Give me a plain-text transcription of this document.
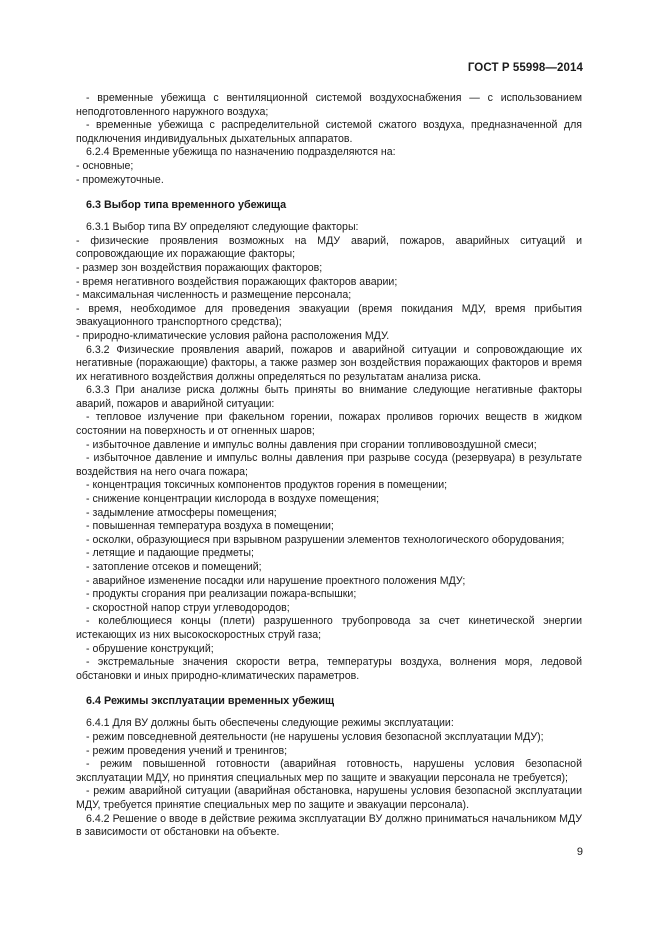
ГОСТ Р 55998—2014

- временные убежища с вентиляционной системой воздухоснабжения — с использованием неподготовленного наружного воздуха;

- временные убежища с распределительной системой сжатого воздуха, предназначенной для подключения индивидуальных дыхательных аппаратов.

6.2.4 Временные убежища по назначению подразделяются на:

- основные;

- промежуточные.

6.3 Выбор типа временного убежища

6.3.1 Выбор типа ВУ определяют следующие факторы:

- физические проявления возможных на МДУ аварий, пожаров, аварийных ситуаций и сопровождающие их поражающие факторы;

- размер зон воздействия поражающих факторов;

- время негативного воздействия поражающих факторов аварии;

- максимальная численность и размещение персонала;

- время, необходимое для проведения эвакуации (время покидания МДУ, время прибытия эвакуационного транспортного средства);

- природно-климатические условия района расположения МДУ.

6.3.2 Физические проявления аварий, пожаров и аварийной ситуации и сопровождающие их негативные (поражающие) факторы, а также размер зон воздействия поражающих факторов и время их негативного воздействия должны определяться по результатам анализа риска.

6.3.3 При анализе риска должны быть приняты во внимание следующие негативные факторы аварий, пожаров и аварийной ситуации:

- тепловое излучение при факельном горении, пожарах проливов горючих веществ в жидком состоянии на поверхность и от огненных шаров;

- избыточное давление и импульс волны давления при сгорании топливовоздушной смеси;

- избыточное давление и импульс волны давления при разрыве сосуда (резервуара) в результате воздействия на него очага пожара;

- концентрация токсичных компонентов продуктов горения в помещении;

- снижение концентрации кислорода в воздухе помещения;

- задымление атмосферы помещения;

- повышенная температура воздуха в помещении;

- осколки, образующиеся при взрывном разрушении элементов технологического оборудования;

- летящие и падающие предметы;

- затопление отсеков и помещений;

- аварийное изменение посадки или нарушение проектного положения МДУ;

- продукты сгорания при реализации пожара-вспышки;

- скоростной напор струи углеводородов;

- колеблющиеся концы (плети) разрушенного трубопровода за счет кинетической энергии истекающих из них высокоскоростных струй газа;

- обрушение конструкций;

- экстремальные значения скорости ветра, температуры воздуха, волнения моря, ледовой обстановки и иных природно-климатических параметров.

6.4 Режимы эксплуатации временных убежищ

6.4.1 Для ВУ должны быть обеспечены следующие режимы эксплуатации:

- режим повседневной деятельности (не нарушены условия безопасной эксплуатации МДУ);

- режим проведения учений и тренингов;

- режим повышенной готовности (аварийная готовность, нарушены условия безопасной эксплуатации МДУ, но принятия специальных мер по защите и эвакуации персонала не требуется);

- режим аварийной ситуации (аварийная обстановка, нарушены условия безопасной эксплуатации МДУ, требуется принятие специальных мер по защите и эвакуации персонала).

6.4.2 Решение о вводе в действие режима эксплуатации ВУ должно приниматься начальником МДУ в зависимости от обстановки на объекте.

9
